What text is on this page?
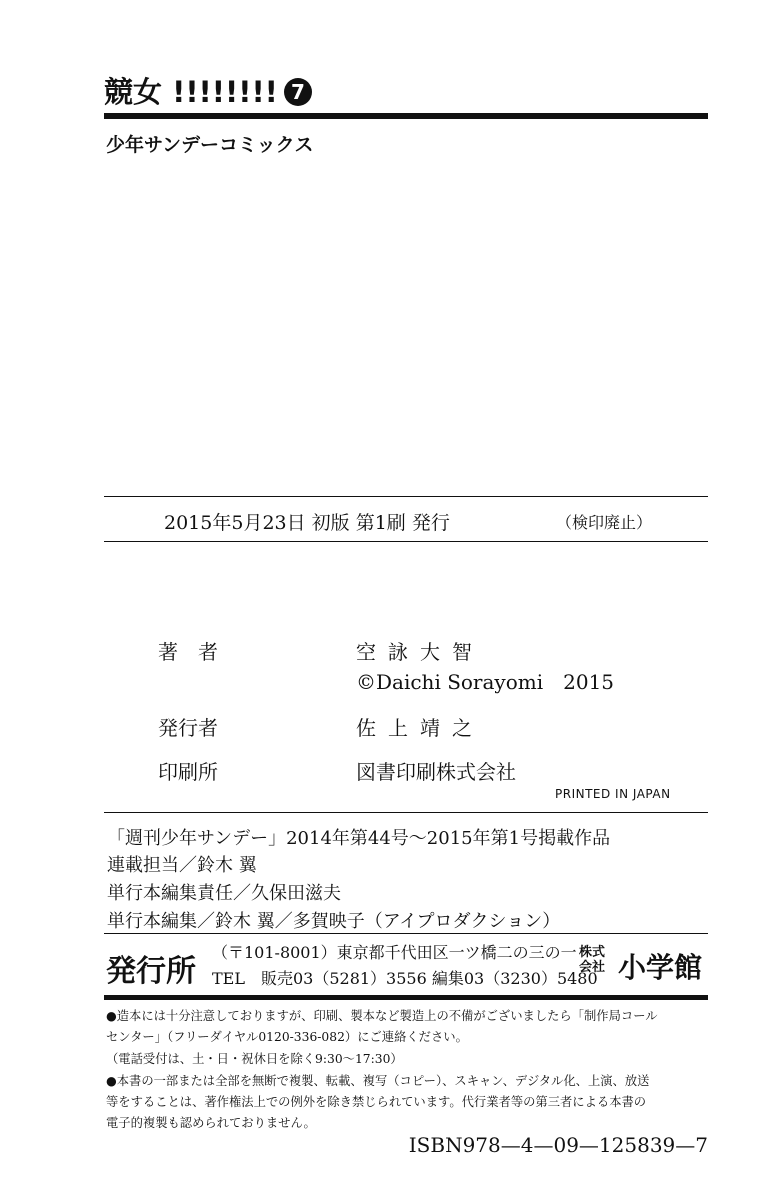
競女 !!!!!!!! 7
少年サンデーコミックス
2015年5月23日 初版 第1刷 発行	（検印廃止）
著　者	空詠大智
©Daichi Sorayomi　2015
発行者	佐上靖之
印刷所	図書印刷株式会社
PRINTED IN JAPAN
「週刊少年サンデー」2014年第44号〜2015年第1号掲載作品
連載担当／鈴木 翼
単行本編集責任／久保田滋夫
単行本編集／鈴木 翼／多賀映子（アイプロダクション）
発行所
（〒101-8001）東京都千代田区一ツ橋二の三の一
TEL　販売03（5281）3556 編集03（3230）5480
株式会社 小学館
●造本には十分注意しておりますが、印刷、製本など製造上の不備がございましたら「制作局コール
センター」（フリーダイヤル0120-336-082）にご連絡ください。
（電話受付は、土・日・祝休日を除く9:30〜17:30）
●本書の一部または全部を無断で複製、転載、複写（コピー）、スキャン、デジタル化、上演、放送
等をすることは、著作権法上での例外を除き禁じられています。代行業者等の第三者による本書の
電子的複製も認められておりません。
ISBN978—4—09—125839—7
